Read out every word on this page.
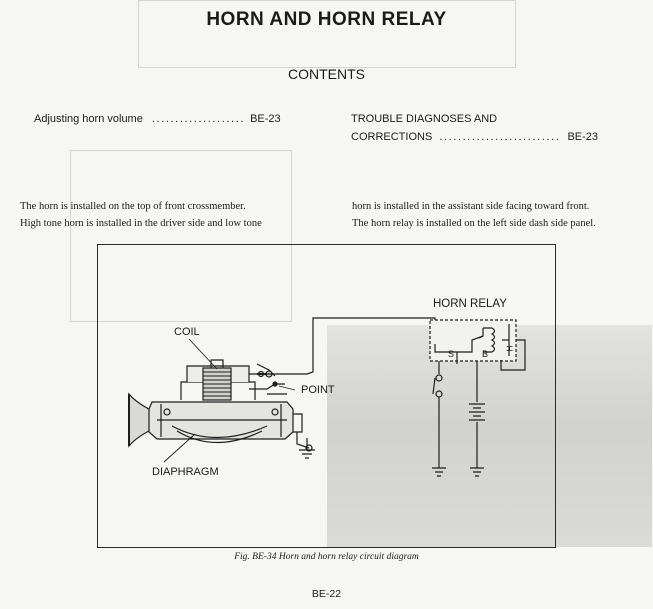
HORN AND HORN RELAY
CONTENTS
Adjusting horn volume .................... BE-23	TROUBLE DIAGNOSES AND
CORRECTIONS .......................... BE-23
The horn is installed on the top of front crossmember.
High tone horn is installed in the driver side and low tone
horn is installed in the assistant side facing toward front.
The horn relay is installed on the left side dash side panel.
HORN RELAY
COIL
POINT
DIAPHRAGM
S	B
H
Fig. BE-34 Horn and horn relay circuit diagram
BE-22
